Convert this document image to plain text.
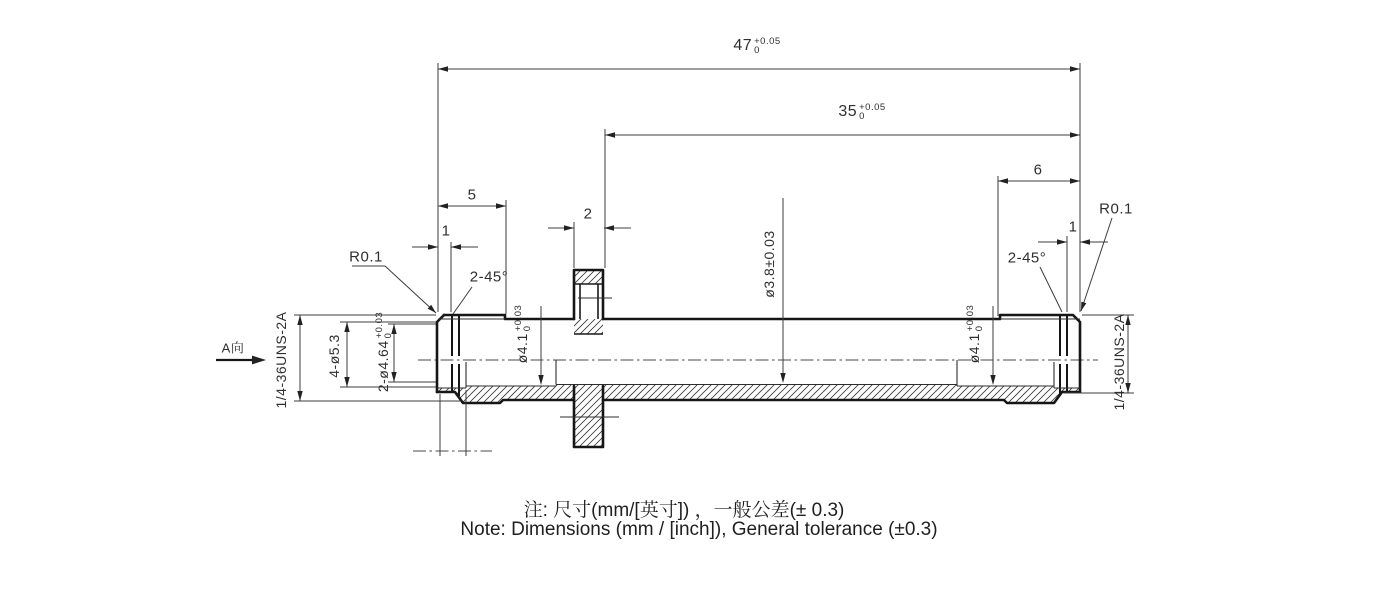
47 +0.05
0
35 +0.05
0
6
5
1	1
2
2-45°
2-45°
R0.1
R0.1
A向
ø3.8±0.03
ø4.1
+0.03
0
ø4.1
+0.03
0
4-ø5.3 2-ø4.64
+0.03
0
1/4-36UNS-2A	1/4-36UNS-2A
注: 尺寸(mm/[英寸]) ，一般公差(± 0.3)
Note: Dimensions (mm / [inch]), General tolerance (±0.3)
